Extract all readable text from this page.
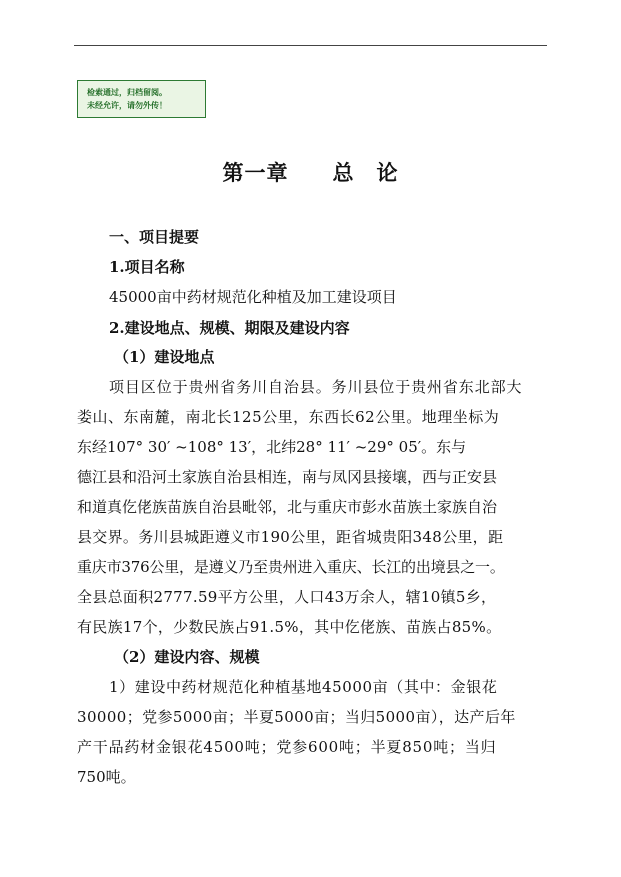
检索通过，归档留阅。
未经允许，请勿外传！
第一章　　总　论
一、项目提要
1.项目名称
45000亩中药材规范化种植及加工建设项目
2.建设地点、规模、期限及建设内容
（1）建设地点
项目区位于贵州省务川自治县。务川县位于贵州省东北部大
娄山、东南麓，南北长125公里，东西长62公里。地理坐标为
东经107° 30′ ~108° 13′，北纬28° 11′ ~29° 05′。东与
德江县和沿河土家族自治县相连，南与凤冈县接壤，西与正安县
和道真仡佬族苗族自治县毗邻，北与重庆市彭水苗族土家族自治
县交界。务川县城距遵义市190公里，距省城贵阳348公里，距
重庆市376公里，是遵义乃至贵州进入重庆、长江的出境县之一。
全县总面积2777.59平方公里，人口43万余人，辖10镇5乡，
有民族17个，少数民族占91.5%，其中仡佬族、苗族占85%。
（2）建设内容、规模
1）建设中药材规范化种植基地45000亩（其中：金银花
30000；党参5000亩；半夏5000亩；当归5000亩），达产后年
产干品药材金银花4500吨；党参600吨；半夏850吨；当归
750吨。
